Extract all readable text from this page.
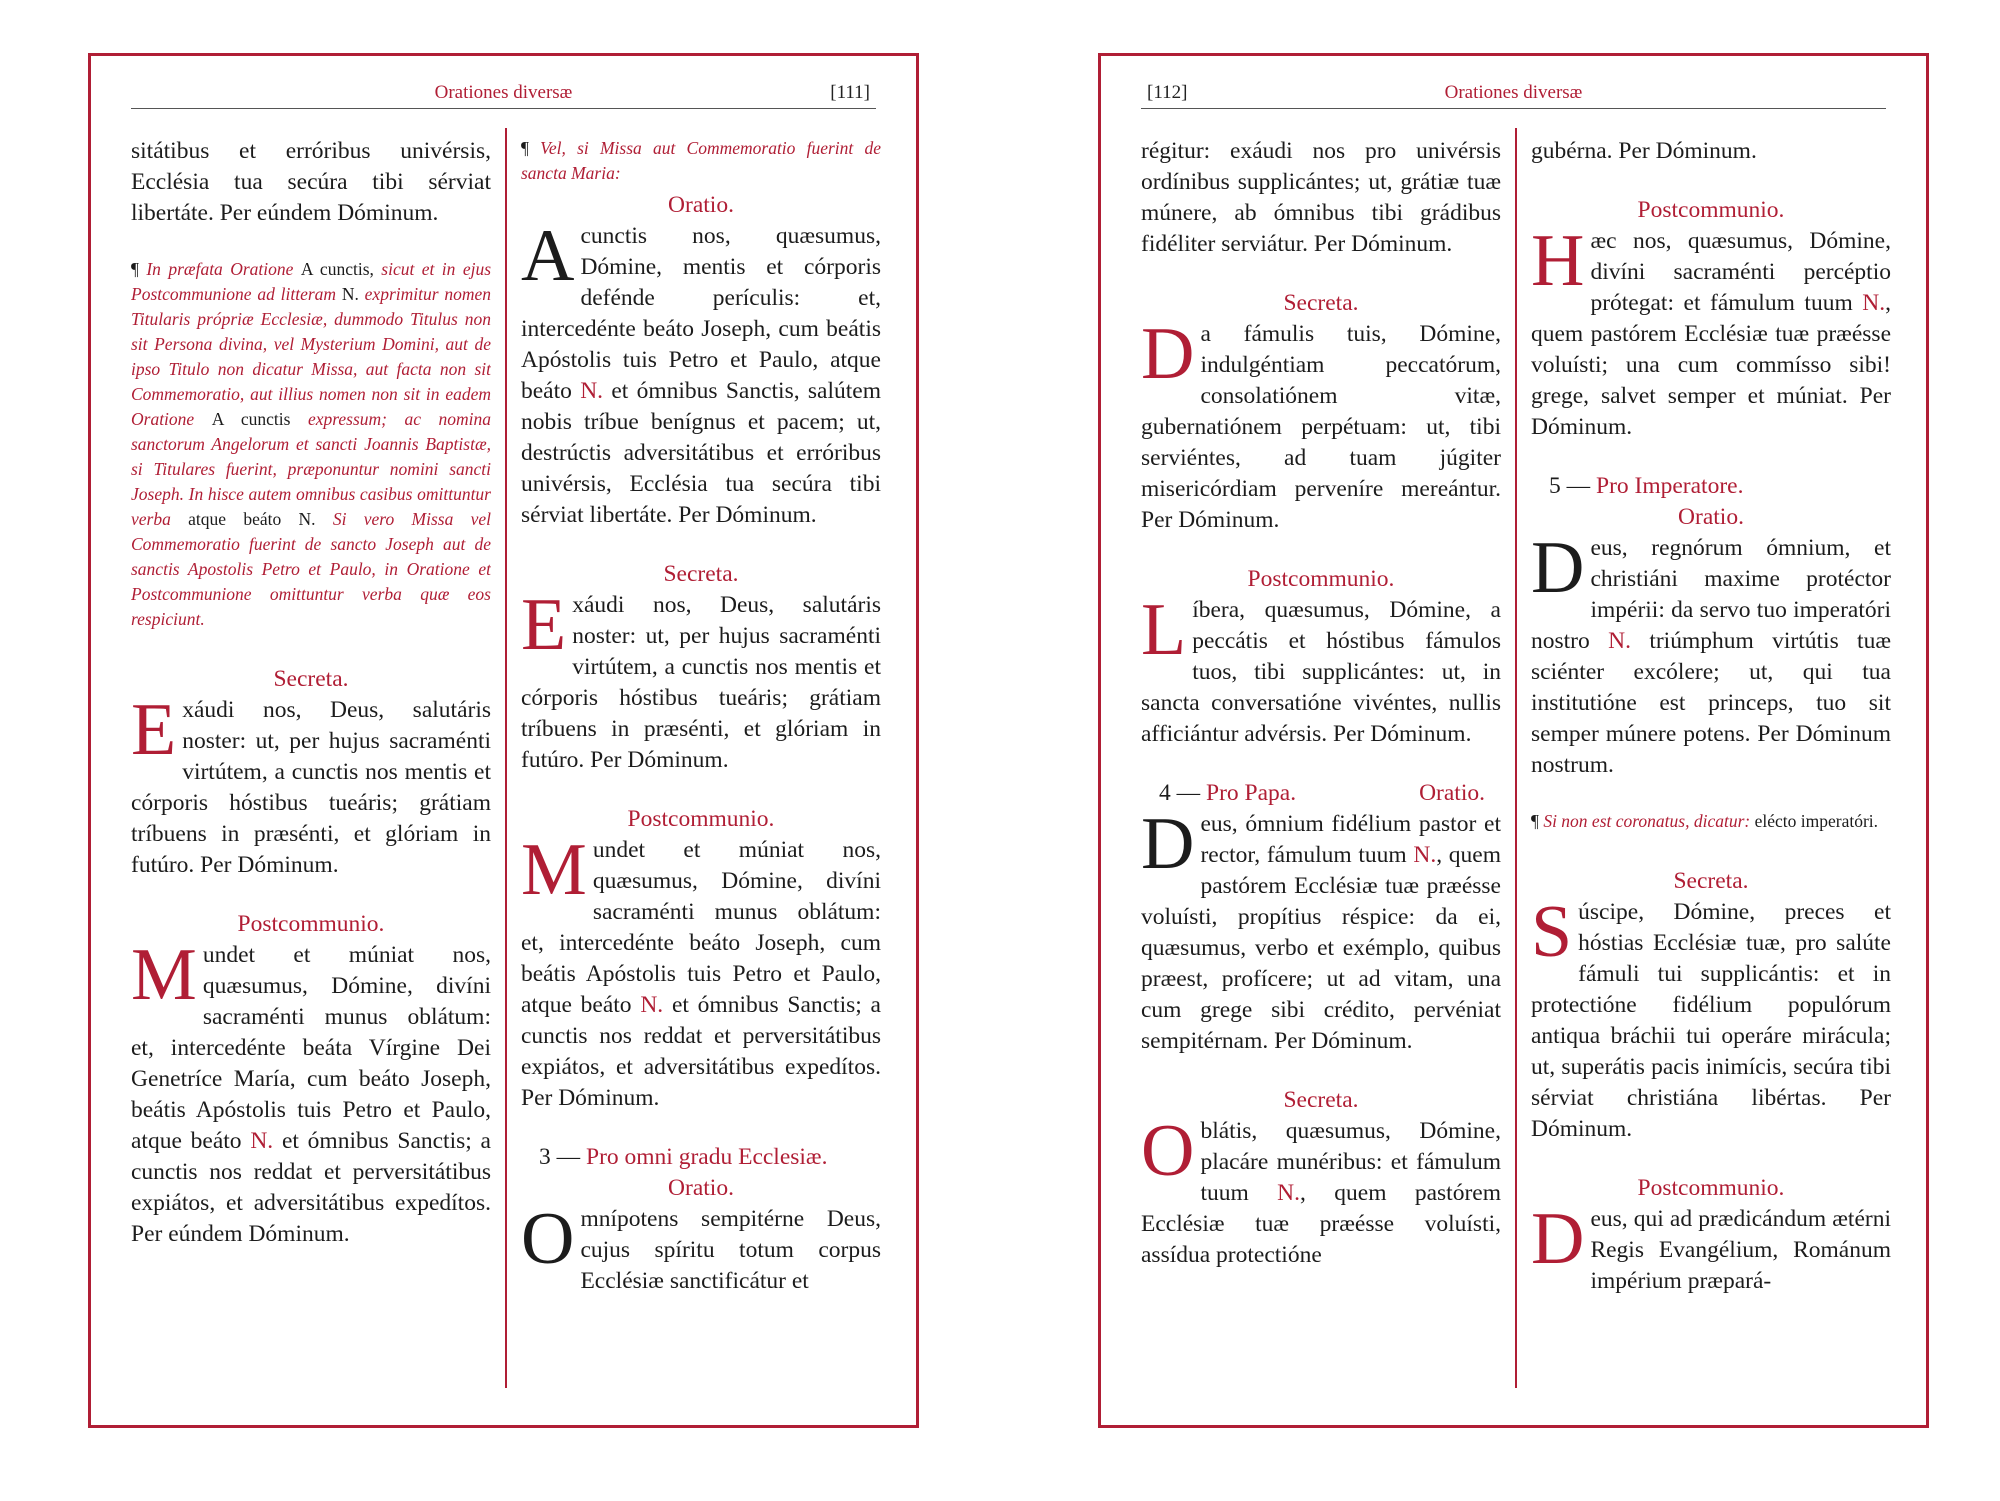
Orationes diversæ	[111]

sitátibus et erróribus univérsis, Ecclésia tua secúra tibi sérviat libertáte. Per eúndem Dóminum.

¶ In præfata Oratione A cunctis, sicut et in ejus Postcommunione ad litteram N. exprimitur nomen Titularis própriæ Ecclesiæ, dummodo Titulus non sit Persona divina, vel Mysterium Domini, aut de ipso Titulo non dicatur Missa, aut facta non sit Commemoratio, aut illius nomen non sit in eadem Oratione A cunctis expressum; ac nomina sanctorum Angelorum et sancti Joannis Baptistæ, si Titulares fuerint, præponuntur nomini sancti Joseph. In hisce autem omnibus casibus omittuntur verba atque beáto N. Si vero Missa vel Commemoratio fuerint de sancto Joseph aut de sanctis Apostolis Petro et Paulo, in Oratione et Postcommunione omittuntur verba quæ eos respiciunt.

Secreta.

Exáudi nos, Deus, salutáris noster: ut, per hujus sacraménti virtútem, a cunctis nos mentis et córporis hóstibus tueáris; grátiam tríbuens in præsénti, et glóriam in futúro. Per Dóminum.

Postcommunio.

Mundet et múniat nos, quæsumus, Dómine, divíni sacraménti munus oblátum: et, intercedénte beáta Vírgine Dei Genetríce María, cum beáto Joseph, beátis Apóstolis tuis Petro et Paulo, atque beáto N. et ómnibus Sanctis; a cunctis nos reddat et perversitátibus expiátos, et adversitátibus expedítos. Per eúndem Dóminum.

¶ Vel, si Missa aut Commemoratio fuerint de sancta Maria:

Oratio.

Acunctis nos, quæsumus, Dómine, mentis et córporis defénde perículis: et, intercedénte beáto Joseph, cum beátis Apóstolis tuis Petro et Paulo, atque beáto N. et ómnibus Sanctis, salútem nobis tríbue benígnus et pacem; ut, destrúctis adversitátibus et erróribus univérsis, Ecclésia tua secúra tibi sérviat libertáte. Per Dóminum.

Secreta.

Exáudi nos, Deus, salutáris noster: ut, per hujus sacraménti virtútem, a cunctis nos mentis et córporis hóstibus tueáris; grátiam tríbuens in præsénti, et glóriam in futúro. Per Dóminum.

Postcommunio.

Mundet et múniat nos, quæsumus, Dómine, divíni sacraménti munus oblátum: et, intercedénte beáto Joseph, cum beátis Apóstolis tuis Petro et Paulo, atque beáto N. et ómnibus Sanctis; a cunctis nos reddat et perversitátibus expiátos, et adversitátibus expedítos. Per Dóminum.

3 — Pro omni gradu Ecclesiæ.

Oratio.

Omnípotens sempitérne Deus, cujus spíritu totum corpus Ecclésiæ sanctificátur et

[112]	Orationes diversæ

régitur: exáudi nos pro univérsis ordínibus supplicántes; ut, grátiæ tuæ múnere, ab ómnibus tibi grádibus fidéliter serviátur. Per Dóminum.

Secreta.

Da fámulis tuis, Dómine, indulgéntiam peccatórum, consolatiónem vitæ, gubernatiónem perpétuam: ut, tibi serviéntes, ad tuam júgiter misericórdiam perveníre mereántur. Per Dóminum.

Postcommunio.

Líbera, quæsumus, Dómine, a peccátis et hóstibus fámulos tuos, tibi supplicántes: ut, in sancta conversatióne vivéntes, nullis afficiántur advérsis. Per Dóminum.

4 —
Pro Papa.	Oratio.

Deus, ómnium fidélium pastor et rector, fámulum tuum N., quem pastórem Ecclésiæ tuæ præésse voluísti, propítius réspice: da ei, quæsumus, verbo et exémplo, quibus præest, profícere; ut ad vitam, una cum grege sibi crédito, pervéniat sempitérnam. Per Dóminum.

Secreta.

Oblátis, quæsumus, Dómine, placáre munéribus: et fámulum tuum N., quem pastórem Ecclésiæ tuæ præésse voluísti, assídua protectióne

gubérna. Per Dóminum.

Postcommunio.

Hæc nos, quæsumus, Dómine, divíni sacraménti percéptio prótegat: et fámulum tuum N., quem pastórem Ecclésiæ tuæ præésse voluísti; una cum commísso sibi! grege, salvet semper et múniat. Per Dóminum.

5 — Pro Imperatore.

Oratio.

Deus, regnórum ómnium, et christiáni maxime protéctor impérii: da servo tuo imperatóri nostro N. triúmphum virtútis tuæ sciénter excólere; ut, qui tua institutióne est princeps, tuo sit semper múnere potens. Per Dóminum nostrum.

¶ Si non est coronatus, dicatur: elécto imperatóri.

Secreta.

Súscipe, Dómine, preces et hóstias Ecclésiæ tuæ, pro salúte fámuli tui supplicántis: et in protectióne fidélium populórum antiqua bráchii tui operáre mirácula; ut, superátis pacis inimícis, secúra tibi sérviat christiána libértas. Per Dóminum.

Postcommunio.

Deus, qui ad prædicándum ætérni Regis Evangélium, Románum impérium præpará-
